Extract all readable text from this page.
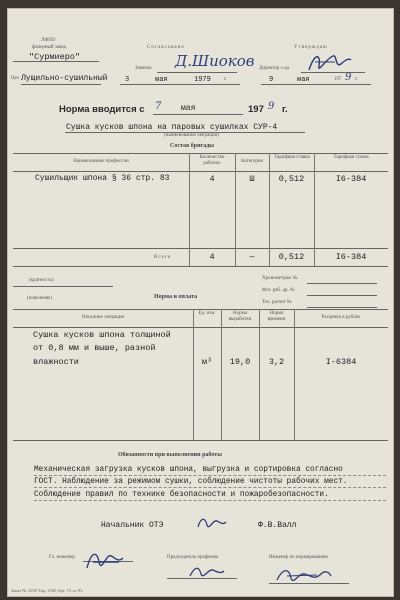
ЛФПО
фанерный завод
"Сурмиеро"
Цех Лущильно-сушильный
Согласовано
Зампом. Д.Шиоков
3	мая	1979	г.
Утверждаю
Директор з-да
9	мая	197 9 г.
Норма вводится с 7 мая	197 9 г.
Сушка кусков шпона на паровых сушилках СУР-4
(наименование операции)
Состав бригады
Наименование профессии
Количество рабочих	Категория
Тарифная ставка	Тарифная сумма
Сушильщик шпона § 36 стр. 83	4	Ш	0,512	I6-384
Всего	4	—	0,512	I6-384
(кратность)
(поясненяе)	Норма и оплата
Хронометраж №
Фот. раб. др. №
Тех. расчет №
Описание операции
Ед. изм.	Норма выработки
Норма времени	Расценка в рублях
Сушка кусков шпона толщиной
от 0,8 мм и выше, разной
влажности	м³	19,0	3,2	I-6384
Обязанности при выполнении работы
Механическая загрузка кусков шпона, выгрузка и сортировка согласно
ГОСТ. Наблюдение за режимом сушки, соблюдение чистоты рабочих мест.
Соблюдение правил по технике безопасности и пожаробезопасности.
Начальник ОТЭ	Ф.В.Валл
Гл. инженер	Председатель профкома	Инженер по нормированию
Заказ № 2358 Тир. 2500 Арт. 72 хх 93
